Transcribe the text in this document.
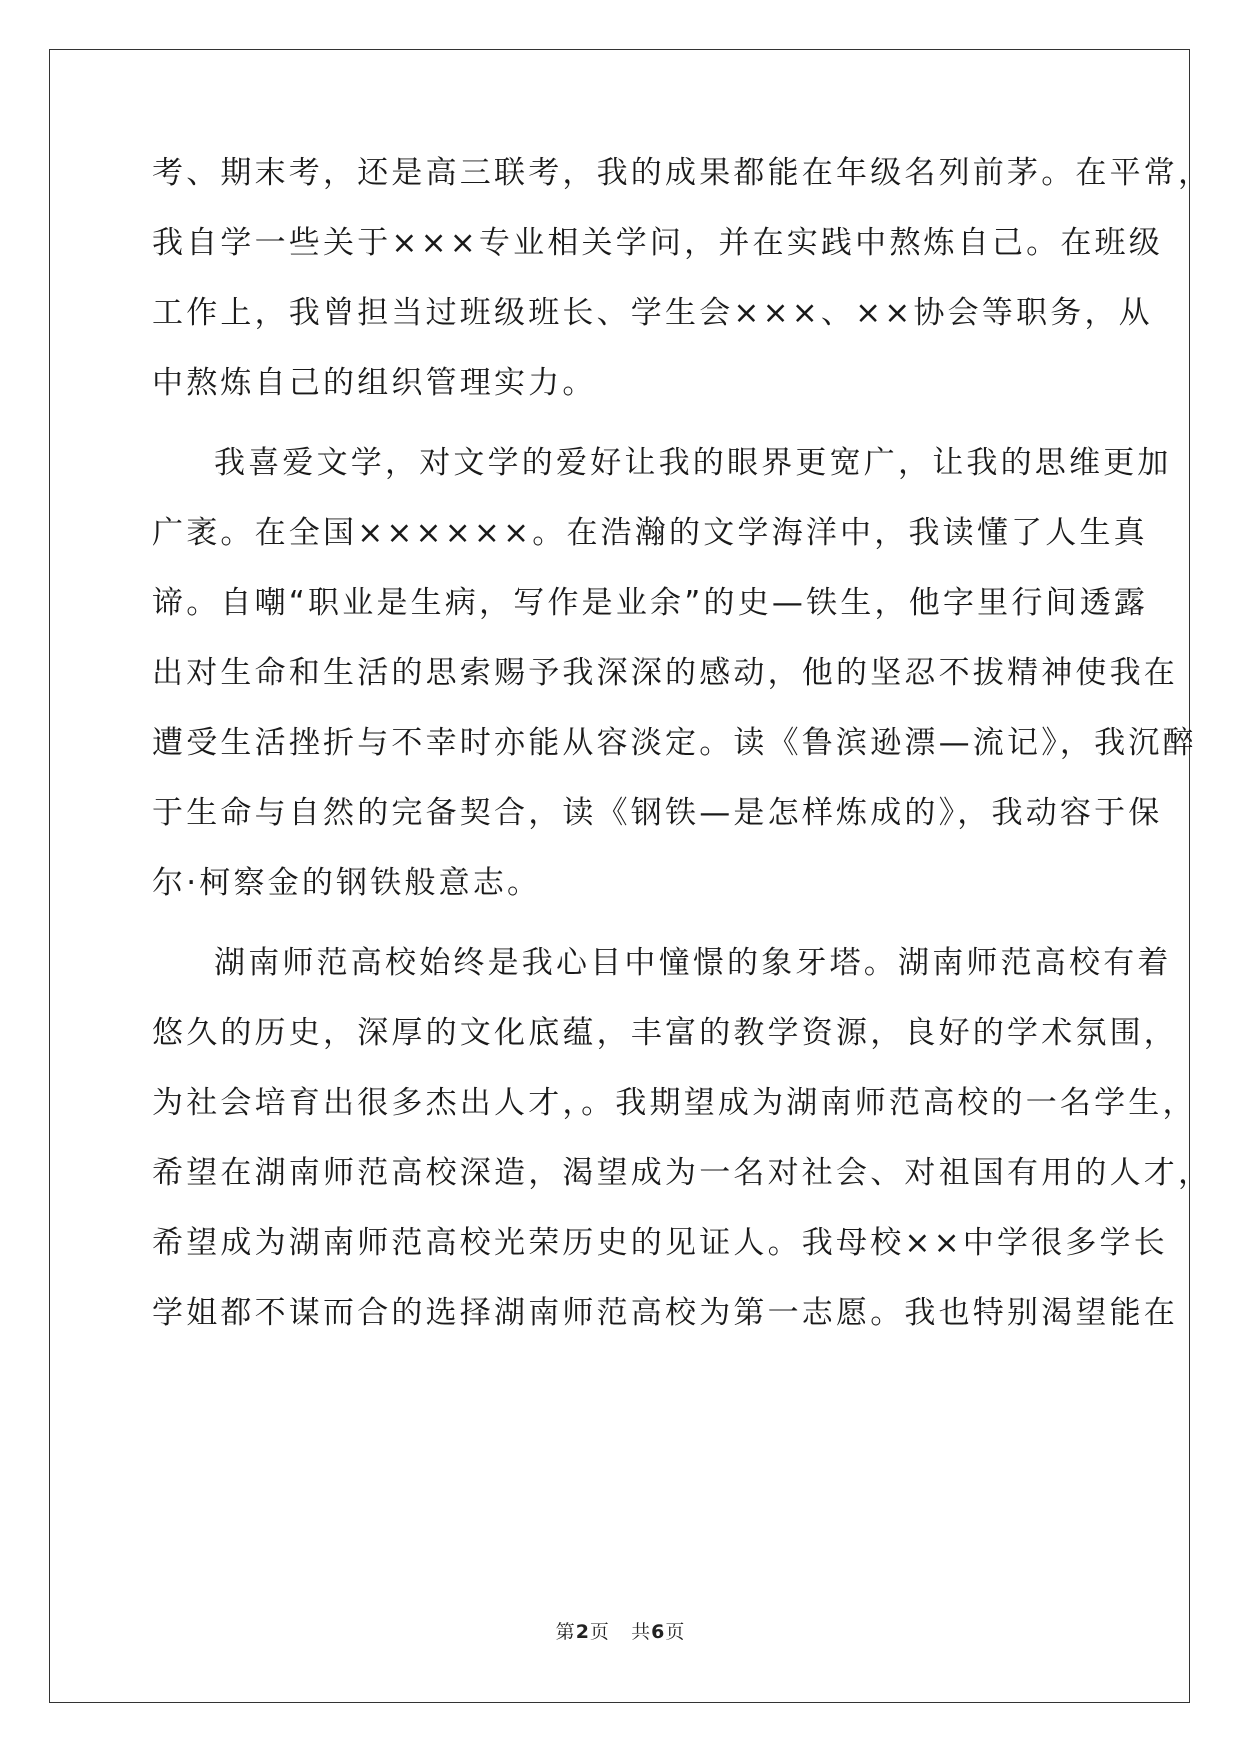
考、期末考，还是高三联考，我的成果都能在年级名列前茅。在平常，
我自学一些关于×××专业相关学问，并在实践中熬炼自己。在班级
工作上，我曾担当过班级班长、学生会×××、××协会等职务，从
中熬炼自己的组织管理实力。
我喜爱文学，对文学的爱好让我的眼界更宽广，让我的思维更加
广袤。在全国××××××。在浩瀚的文学海洋中，我读懂了人生真
谛。自嘲“职业是生病，写作是业余”的史—铁生，他字里行间透露
出对生命和生活的思索赐予我深深的感动，他的坚忍不拔精神使我在
遭受生活挫折与不幸时亦能从容淡定。读《鲁滨逊漂—流记》，我沉醉
于生命与自然的完备契合，读《钢铁—是怎样炼成的》，我动容于保
尔·柯察金的钢铁般意志。
湖南师范高校始终是我心目中憧憬的象牙塔。湖南师范高校有着
悠久的历史，深厚的文化底蕴，丰富的教学资源，良好的学术氛围，
为社会培育出很多杰出人才，。我期望成为湖南师范高校的一名学生，
希望在湖南师范高校深造，渴望成为一名对社会、对祖国有用的人才，
希望成为湖南师范高校光荣历史的见证人。我母校××中学很多学长
学姐都不谋而合的选择湖南师范高校为第一志愿。我也特别渴望能在
第2页 共6页
